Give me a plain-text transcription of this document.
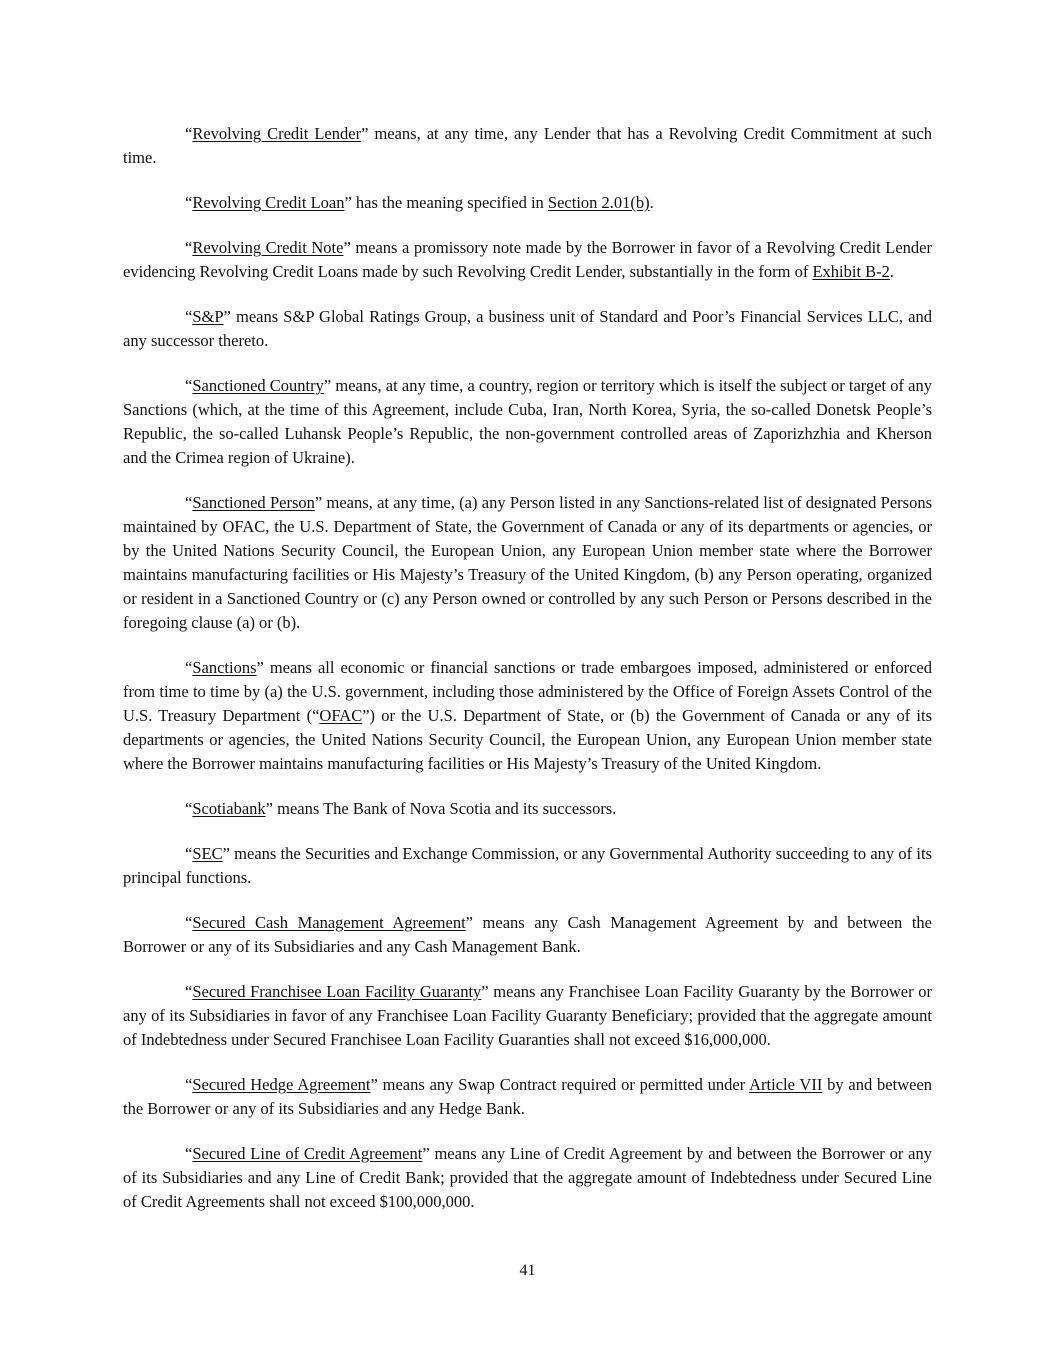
“Revolving Credit Lender” means, at any time, any Lender that has a Revolving Credit Commitment at such time.

“Revolving Credit Loan” has the meaning specified in Section 2.01(b).

“Revolving Credit Note” means a promissory note made by the Borrower in favor of a Revolving Credit Lender evidencing Revolving Credit Loans made by such Revolving Credit Lender, substantially in the form of Exhibit B-2.

“S&P” means S&P Global Ratings Group, a business unit of Standard and Poor’s Financial Services LLC, and any successor thereto.

“Sanctioned Country” means, at any time, a country, region or territory which is itself the subject or target of any Sanctions (which, at the time of this Agreement, include Cuba, Iran, North Korea, Syria, the so-called Donetsk People’s Republic, the so-called Luhansk People’s Republic, the non-government controlled areas of Zaporizhzhia and Kherson and the Crimea region of Ukraine).

“Sanctioned Person” means, at any time, (a) any Person listed in any Sanctions-related list of designated Persons maintained by OFAC, the U.S. Department of State, the Government of Canada or any of its departments or agencies, or by the United Nations Security Council, the European Union, any European Union member state where the Borrower maintains manufacturing facilities or His Majesty’s Treasury of the United Kingdom, (b) any Person operating, organized or resident in a Sanctioned Country or (c) any Person owned or controlled by any such Person or Persons described in the foregoing clause (a) or (b).

“Sanctions” means all economic or financial sanctions or trade embargoes imposed, administered or enforced from time to time by (a) the U.S. government, including those administered by the Office of Foreign Assets Control of the U.S. Treasury Department (“OFAC”) or the U.S. Department of State, or (b) the Government of Canada or any of its departments or agencies, the United Nations Security Council, the European Union, any European Union member state where the Borrower maintains manufacturing facilities or His Majesty’s Treasury of the United Kingdom.

“Scotiabank” means The Bank of Nova Scotia and its successors.

“SEC” means the Securities and Exchange Commission, or any Governmental Authority succeeding to any of its principal functions.

“Secured Cash Management Agreement” means any Cash Management Agreement by and between the Borrower or any of its Subsidiaries and any Cash Management Bank.

“Secured Franchisee Loan Facility Guaranty” means any Franchisee Loan Facility Guaranty by the Borrower or any of its Subsidiaries in favor of any Franchisee Loan Facility Guaranty Beneficiary; provided that the aggregate amount of Indebtedness under Secured Franchisee Loan Facility Guaranties shall not exceed $16,000,000.

“Secured Hedge Agreement” means any Swap Contract required or permitted under Article VII by and between the Borrower or any of its Subsidiaries and any Hedge Bank.

“Secured Line of Credit Agreement” means any Line of Credit Agreement by and between the Borrower or any of its Subsidiaries and any Line of Credit Bank; provided that the aggregate amount of Indebtedness under Secured Line of Credit Agreements shall not exceed $100,000,000.

41
